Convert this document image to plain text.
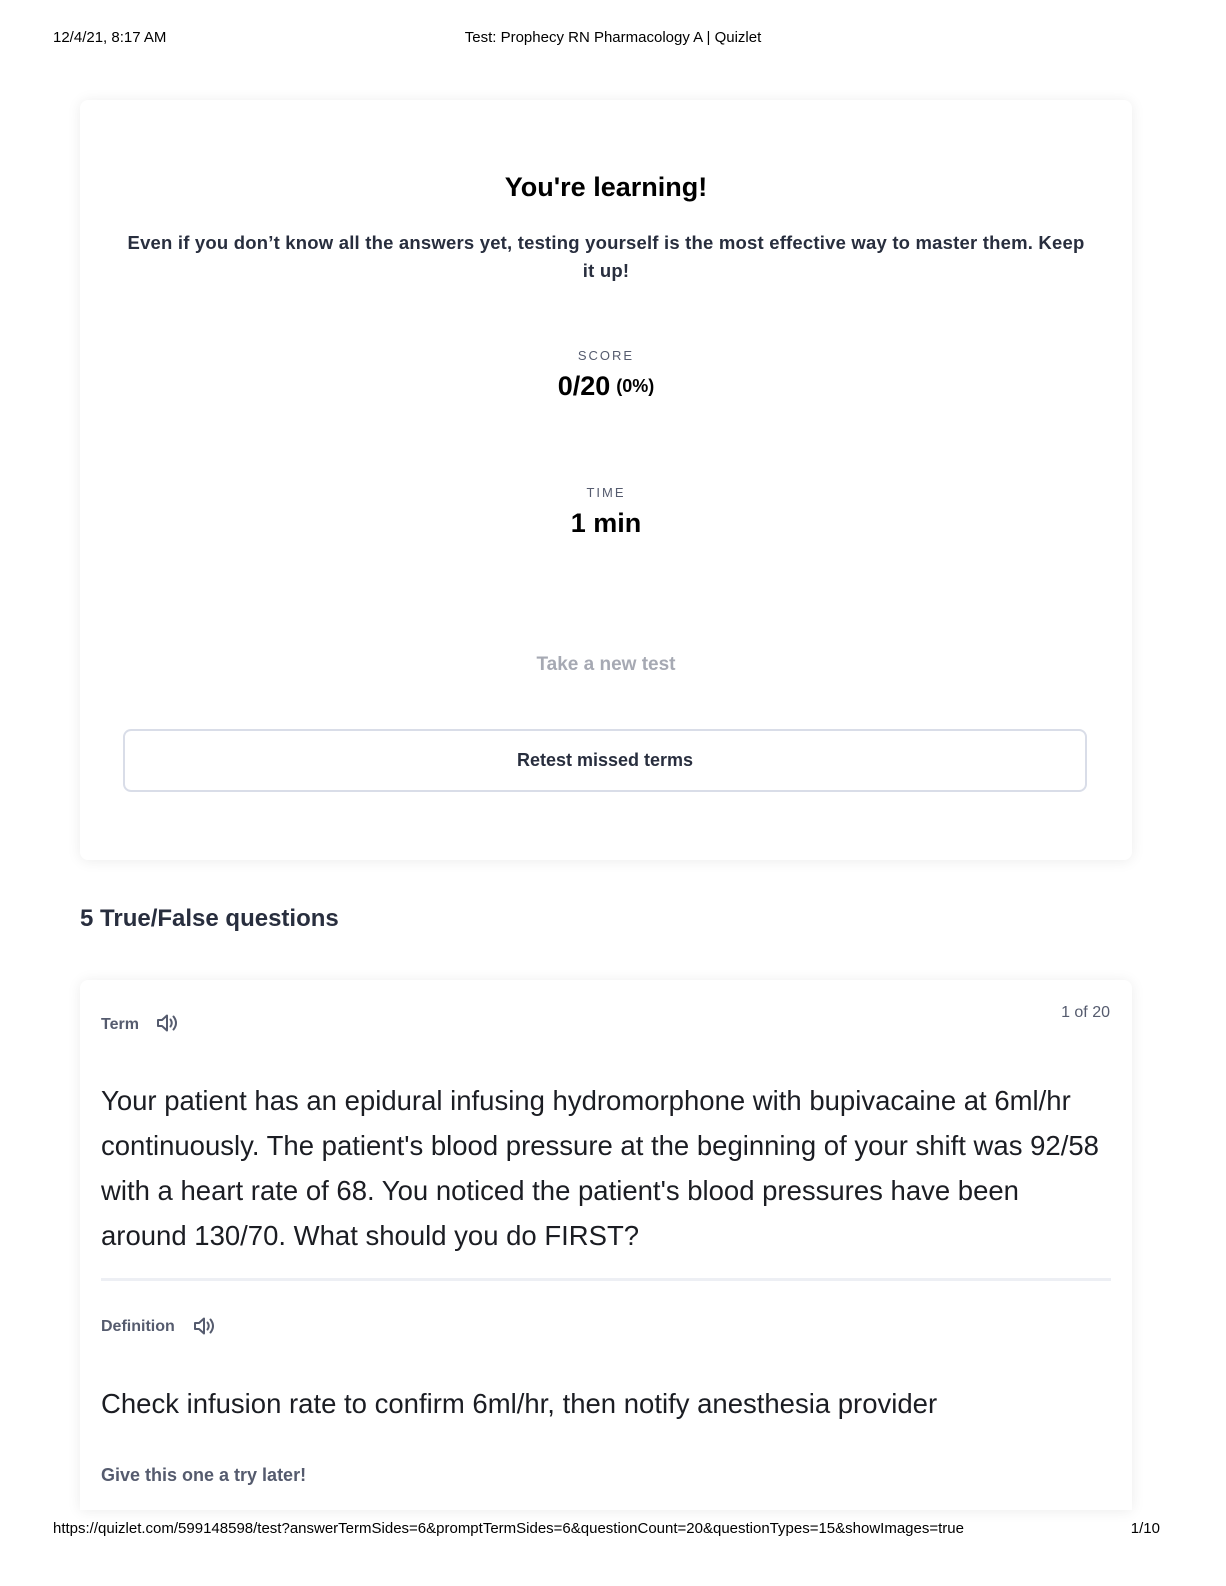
12/4/21, 8:17 AM	Test: Prophecy RN Pharmacology A | Quizlet
You're learning!
Even if you don’t know all the answers yet, testing yourself is the most effective way to master them. Keep it up!
SCORE
0/20 (0%)
TIME
1 min
Take a new test
Retest missed terms
5 True/False questions
Term
1 of 20
Your patient has an epidural infusing hydromorphone with bupivacaine at 6ml/hr continuously. The patient's blood pressure at the beginning of your shift was 92/58 with a heart rate of 68. You noticed the patient's blood pressures have been around 130/70. What should you do FIRST?
Definition
Check infusion rate to confirm 6ml/hr, then notify anesthesia provider
Give this one a try later!
https://quizlet.com/599148598/test?answerTermSides=6&promptTermSides=6&questionCount=20&questionTypes=15&showImages=true	1/10
